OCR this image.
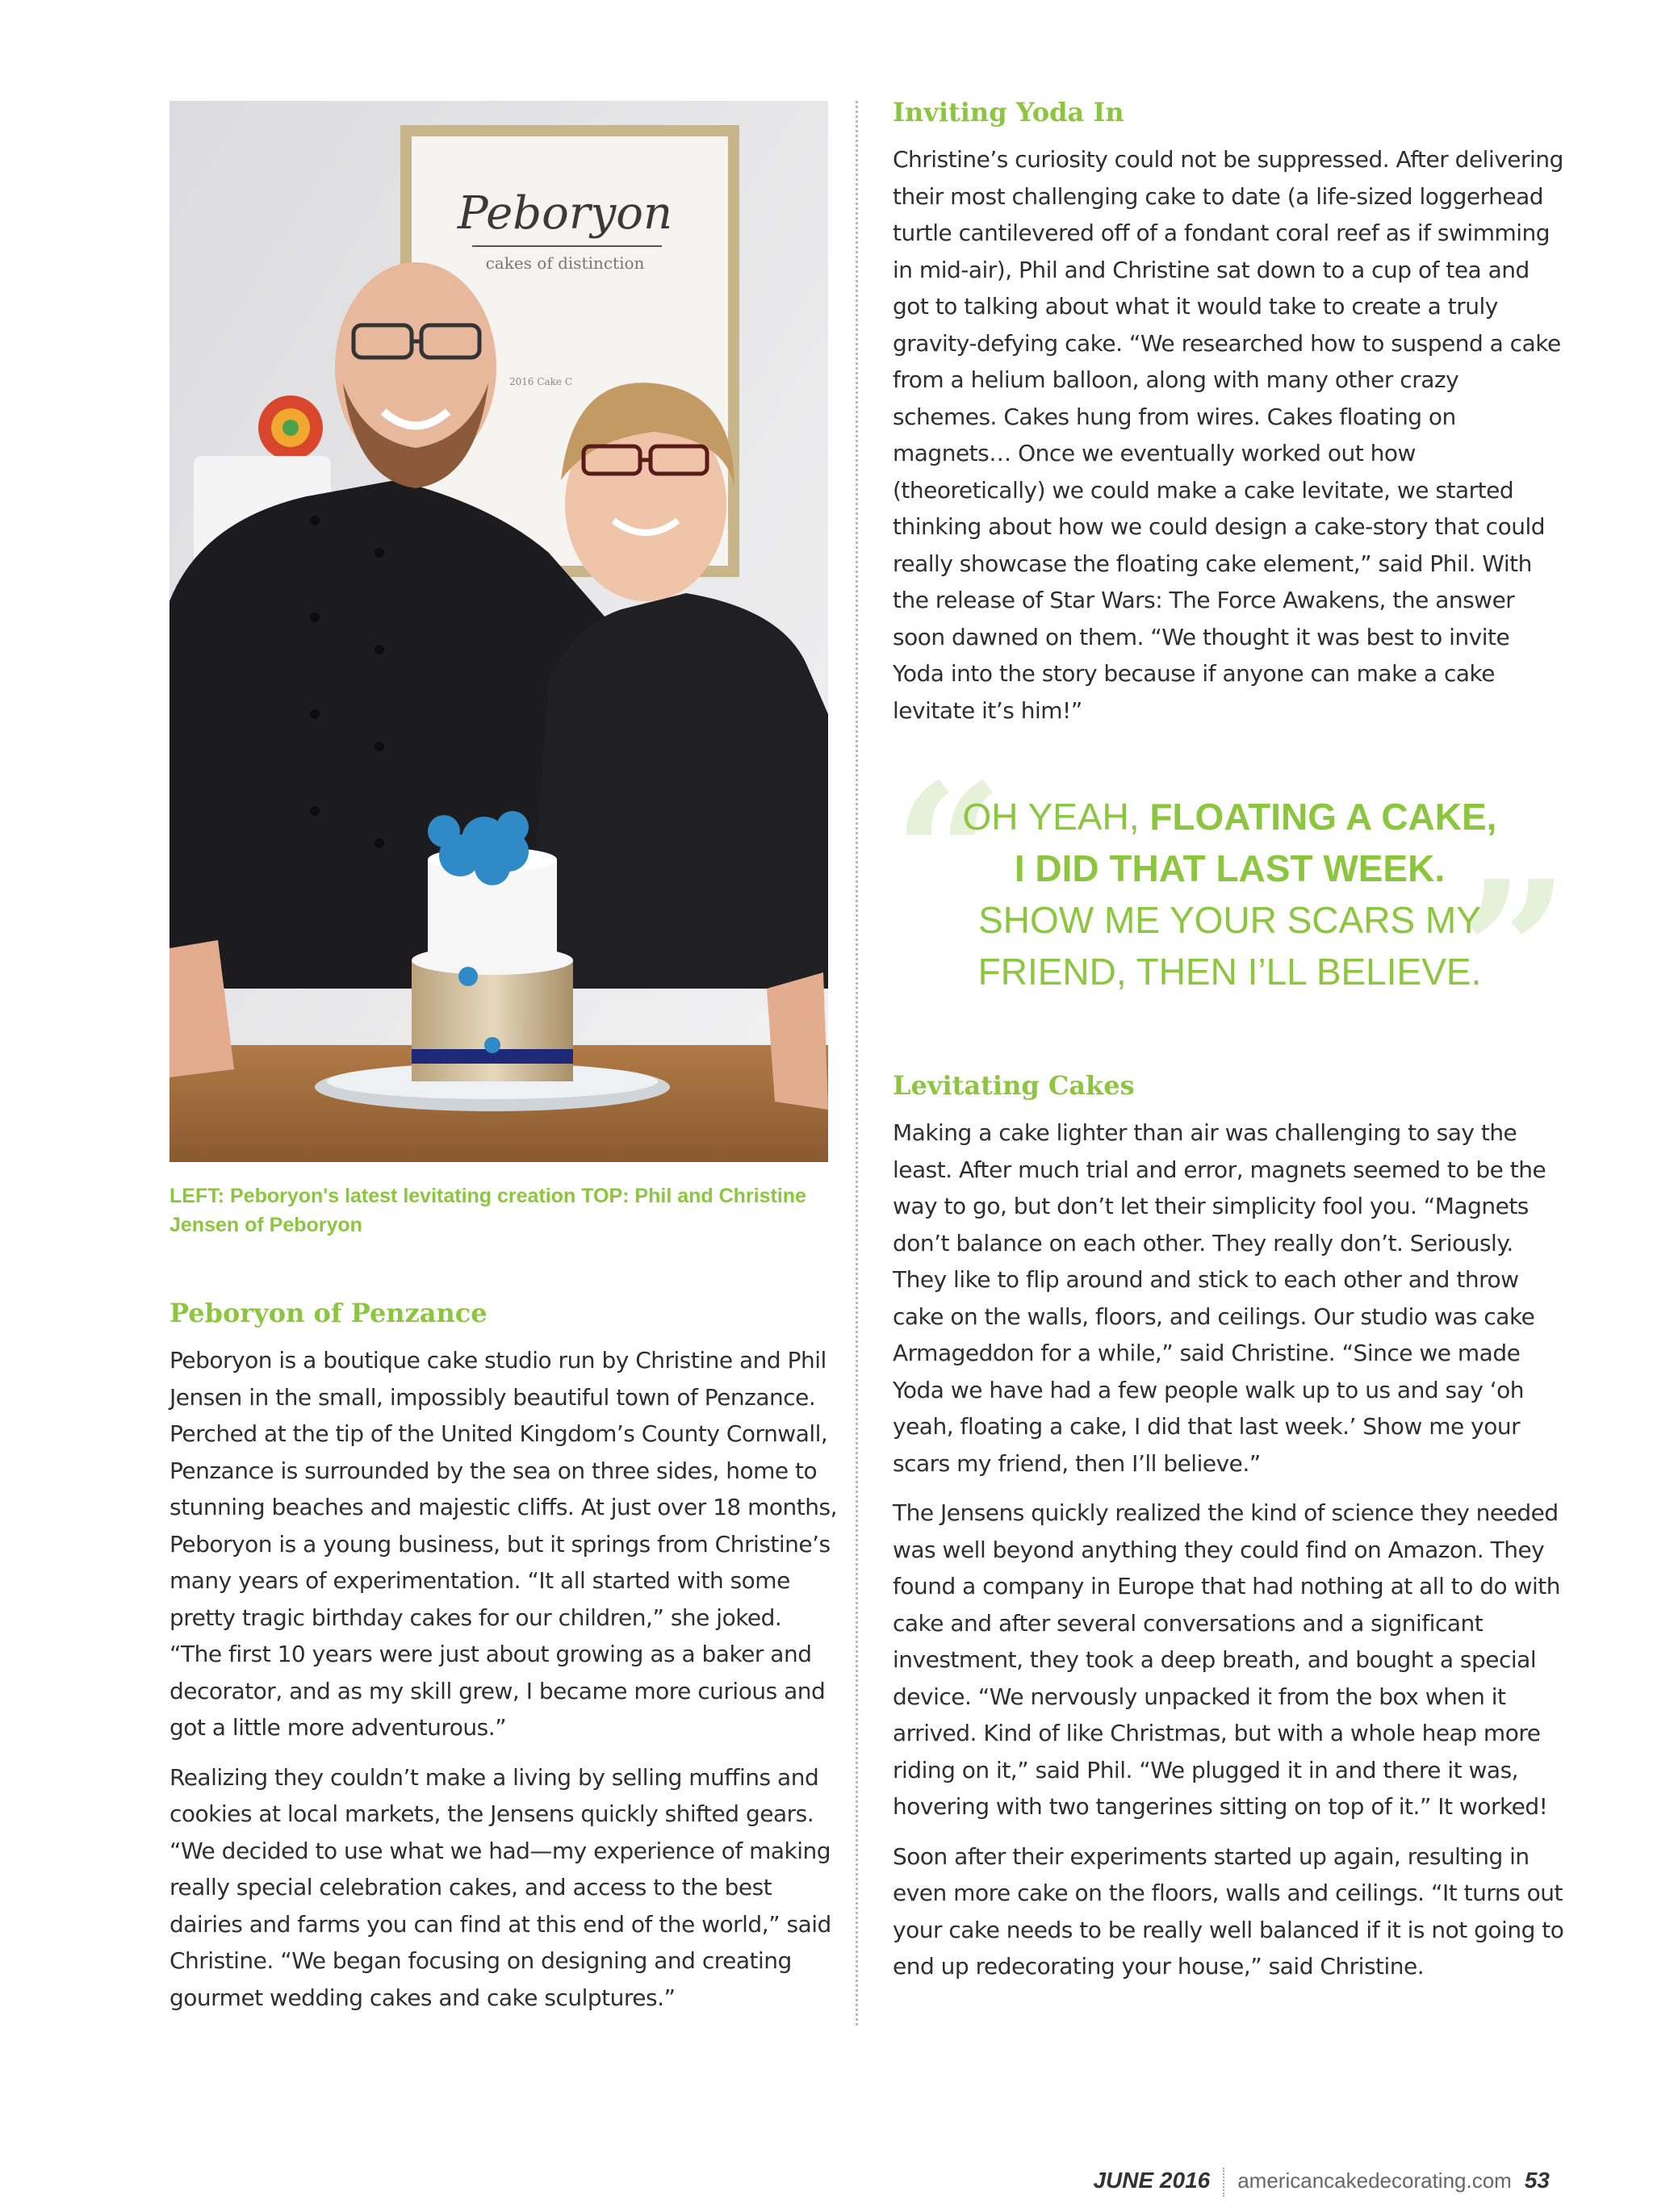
Peboryon
cakes of distinction
2016 Cake C
LEFT: Peboryon's latest levitating creation TOP: Phil and Christine Jensen of Peboryon
Peboryon of Penzance

Peboryon is a boutique cake studio run by Christine and Phil Jensen in the small, impossibly beautiful town of Penzance. Perched at the tip of the United Kingdom’s County Cornwall, Penzance is surrounded by the sea on three sides, home to stunning beaches and majestic cliffs. At just over 18 months, Peboryon is a young business, but it springs from Christine’s many years of experimentation. “It all started with some pretty tragic birthday cakes for our children,” she joked. “The first 10 years were just about growing as a baker and decorator, and as my skill grew, I became more curious and got a little more adventurous.”

Realizing they couldn’t make a living by selling muffins and cookies at local markets, the Jensens quickly shifted gears. “We decided to use what we had—my experience of making really special celebration cakes, and access to the best dairies and farms you can find at this end of the world,” said Christine. “We began focusing on designing and creating gourmet wedding cakes and cake sculptures.”

Inviting Yoda In

Christine’s curiosity could not be suppressed. After delivering their most challenging cake to date (a life-sized loggerhead turtle cantilevered off of a fondant coral reef as if swimming in mid-air), Phil and Christine sat down to a cup of tea and got to talking about what it would take to create a truly gravity-defying cake. “We researched how to suspend a cake from a helium balloon, along with many other crazy schemes. Cakes hung from wires. Cakes floating on magnets… Once we eventually worked out how (theoretically) we could make a cake levitate, we started thinking about how we could design a cake-story that could really showcase the floating cake element,” said Phil. With the release of Star Wars: The Force Awakens, the answer soon dawned on them. “We thought it was best to invite Yoda into the story because if anyone can make a cake levitate it’s him!”

“ ”
OH YEAH, FLOATING A CAKE,
I DID THAT LAST WEEK.
SHOW ME YOUR SCARS MY
FRIEND, THEN I’LL BELIEVE.
Levitating Cakes

Making a cake lighter than air was challenging to say the least. After much trial and error, magnets seemed to be the way to go, but don’t let their simplicity fool you. “Magnets don’t balance on each other. They really don’t. Seriously. They like to flip around and stick to each other and throw cake on the walls, floors, and ceilings. Our studio was cake Armageddon for a while,” said Christine. “Since we made Yoda we have had a few people walk up to us and say ‘oh yeah, floating a cake, I did that last week.’ Show me your scars my friend, then I’ll believe.”

The Jensens quickly realized the kind of science they needed was well beyond anything they could find on Amazon. They found a company in Europe that had nothing at all to do with cake and after several conversations and a significant investment, they took a deep breath, and bought a special device. “We nervously unpacked it from the box when it arrived. Kind of like Christmas, but with a whole heap more riding on it,” said Phil. “We plugged it in and there it was, hovering with two tangerines sitting on top of it.” It worked!

Soon after their experiments started up again, resulting in even more cake on the floors, walls and ceilings. “It turns out your cake needs to be really well balanced if it is not going to end up redecorating your house,” said Christine.

JUNE 2016 americancakedecorating.com 53
